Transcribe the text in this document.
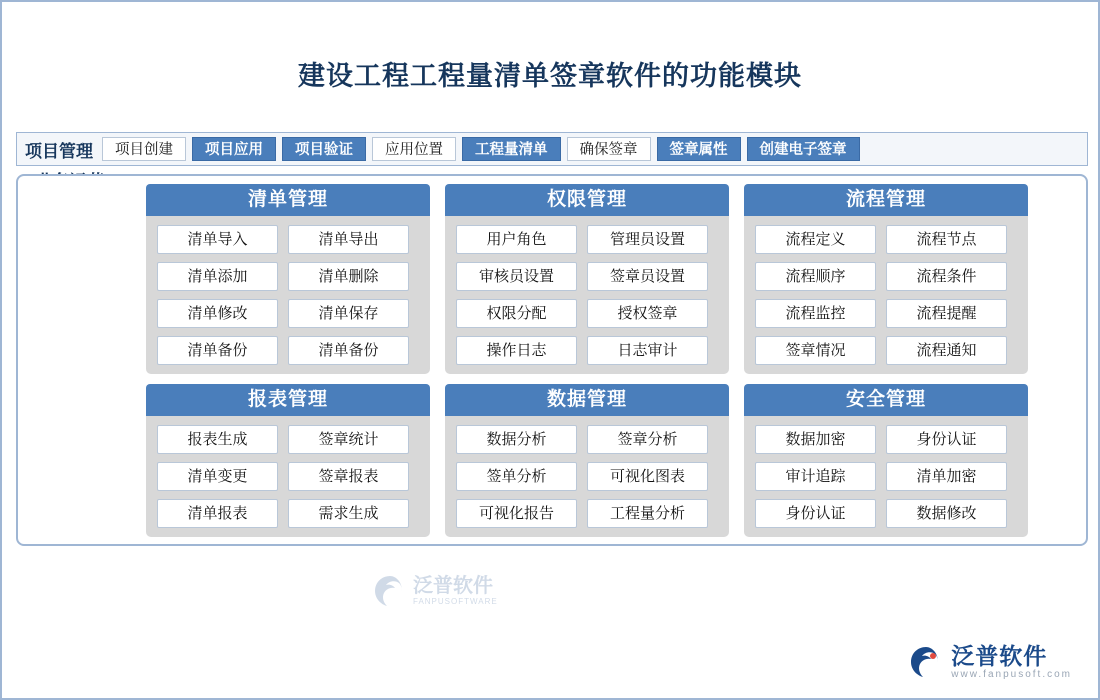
建设工程工程量清单签章软件的功能模块
项目管理	项目创建	项目应用	项目验证	应用位置	工程量清单	确保签章	签章属性	创建电子签章
清单管理
清单导入	清单导出
清单添加	清单删除
清单修改	清单保存
清单备份	清单备份
权限管理
用户角色	管理员设置
审核员设置	签章员设置
权限分配	授权签章
操作日志	日志审计
流程管理
流程定义	流程节点
流程顺序	流程条件
流程监控	流程提醒
签章情况	流程通知
报表管理
报表生成	签章统计
清单变更	签章报表
清单报表	需求生成
数据管理
数据分析	签章分析
签单分析	可视化图表
可视化报告	工程量分析
安全管理
数据加密	身份认证
审计追踪	清单加密
身份认证	数据修改
泛普软件
FANPUSOFTWARE
泛普软件
www.fanpusoft.com
